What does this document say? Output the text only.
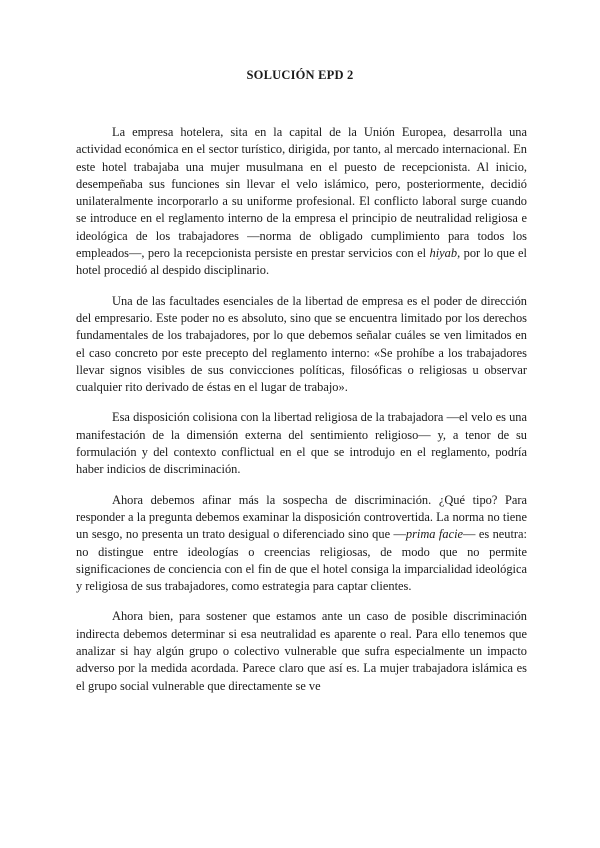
SOLUCIÓN EPD 2

La empresa hotelera, sita en la capital de la Unión Europea, desarrolla una actividad económica en el sector turístico, dirigida, por tanto, al mercado internacional. En este hotel trabajaba una mujer musulmana en el puesto de recepcionista. Al inicio, desempeñaba sus funciones sin llevar el velo islámico, pero, posteriormente, decidió unilateralmente incorporarlo a su uniforme profesional. El conflicto laboral surge cuando se introduce en el reglamento interno de la empresa el principio de neutralidad religiosa e ideológica de los trabajadores —norma de obligado cumplimiento para todos los empleados—, pero la recepcionista persiste en prestar servicios con el hiyab, por lo que el hotel procedió al despido disciplinario.

Una de las facultades esenciales de la libertad de empresa es el poder de dirección del empresario. Este poder no es absoluto, sino que se encuentra limitado por los derechos fundamentales de los trabajadores, por lo que debemos señalar cuáles se ven limitados en el caso concreto por este precepto del reglamento interno: «Se prohíbe a los trabajadores llevar signos visibles de sus convicciones políticas, filosóficas o religiosas u observar cualquier rito derivado de éstas en el lugar de trabajo».

Esa disposición colisiona con la libertad religiosa de la trabajadora —el velo es una manifestación de la dimensión externa del sentimiento religioso— y, a tenor de su formulación y del contexto conflictual en el que se introdujo en el reglamento, podría haber indicios de discriminación.

Ahora debemos afinar más la sospecha de discriminación. ¿Qué tipo? Para responder a la pregunta debemos examinar la disposición controvertida. La norma no tiene un sesgo, no presenta un trato desigual o diferenciado sino que —prima facie— es neutra: no distingue entre ideologías o creencias religiosas, de modo que no permite significaciones de conciencia con el fin de que el hotel consiga la imparcialidad ideológica y religiosa de sus trabajadores, como estrategia para captar clientes.

Ahora bien, para sostener que estamos ante un caso de posible discriminación indirecta debemos determinar si esa neutralidad es aparente o real. Para ello tenemos que analizar si hay algún grupo o colectivo vulnerable que sufra especialmente un impacto adverso por la medida acordada. Parece claro que así es. La mujer trabajadora islámica es el grupo social vulnerable que directamente se ve
